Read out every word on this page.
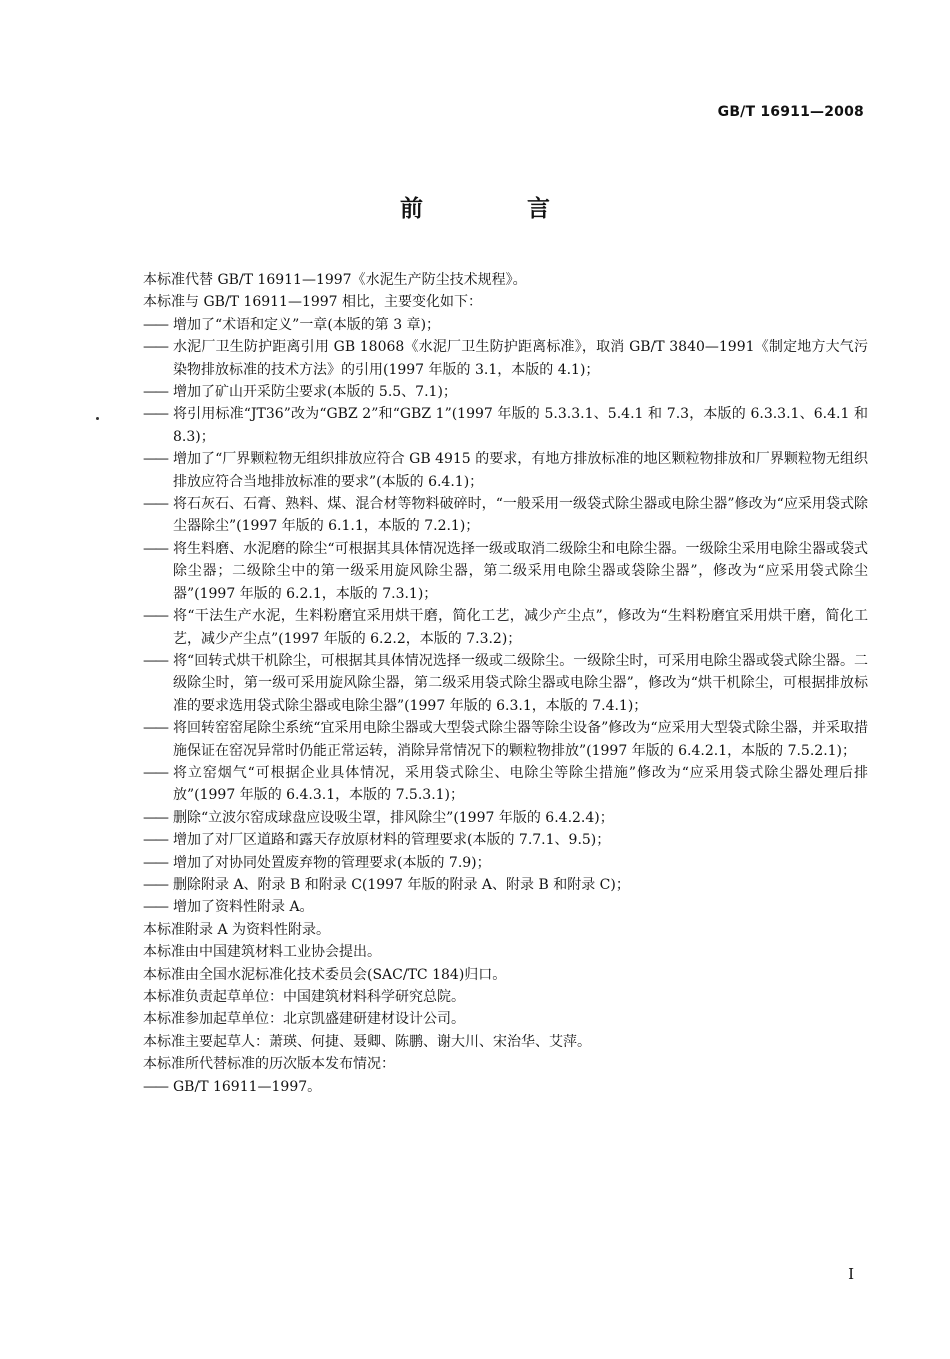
GB/T 16911—2008

前 言

本标准代替 GB/T 16911—1997《水泥生产防尘技术规程》。

本标准与 GB/T 16911—1997 相比，主要变化如下：

—— 增加了“术语和定义”一章(本版的第 3 章)；
—— 水泥厂卫生防护距离引用 GB 18068《水泥厂卫生防护距离标准》，取消 GB/T 3840—1991《制定地方大气污染物排放标准的技术方法》的引用(1997 年版的 3.1，本版的 4.1)；
—— 增加了矿山开采防尘要求(本版的 5.5、7.1)；
—— 将引用标准“JT36”改为“GBZ 2”和“GBZ 1”(1997 年版的 5.3.3.1、5.4.1 和 7.3，本版的 6.3.3.1、6.4.1 和 8.3)；
—— 增加了“厂界颗粒物无组织排放应符合 GB 4915 的要求，有地方排放标准的地区颗粒物排放和厂界颗粒物无组织排放应符合当地排放标准的要求”(本版的 6.4.1)；
—— 将石灰石、石膏、熟料、煤、混合材等物料破碎时，“一般采用一级袋式除尘器或电除尘器”修改为“应采用袋式除尘器除尘”(1997 年版的 6.1.1，本版的 7.2.1)；
—— 将生料磨、水泥磨的除尘“可根据其具体情况选择一级或取消二级除尘和电除尘器。一级除尘采用电除尘器或袋式除尘器；二级除尘中的第一级采用旋风除尘器，第二级采用电除尘器或袋除尘器”，修改为“应采用袋式除尘器”(1997 年版的 6.2.1，本版的 7.3.1)；
—— 将“干法生产水泥，生料粉磨宜采用烘干磨，简化工艺，减少产尘点”，修改为“生料粉磨宜采用烘干磨，简化工艺，减少产尘点”(1997 年版的 6.2.2，本版的 7.3.2)；
—— 将“回转式烘干机除尘，可根据其具体情况选择一级或二级除尘。一级除尘时，可采用电除尘器或袋式除尘器。二级除尘时，第一级可采用旋风除尘器，第二级采用袋式除尘器或电除尘器”，修改为“烘干机除尘，可根据排放标准的要求选用袋式除尘器或电除尘器”(1997 年版的 6.3.1，本版的 7.4.1)；
—— 将回转窑窑尾除尘系统“宜采用电除尘器或大型袋式除尘器等除尘设备”修改为“应采用大型袋式除尘器，并采取措施保证在窑况异常时仍能正常运转，消除异常情况下的颗粒物排放”(1997 年版的 6.4.2.1，本版的 7.5.2.1)；
—— 将立窑烟气“可根据企业具体情况，采用袋式除尘、电除尘等除尘措施”修改为“应采用袋式除尘器处理后排放”(1997 年版的 6.4.3.1，本版的 7.5.3.1)；
—— 删除“立波尔窑成球盘应设吸尘罩，排风除尘”(1997 年版的 6.4.2.4)；
—— 增加了对厂区道路和露天存放原材料的管理要求(本版的 7.7.1、9.5)；
—— 增加了对协同处置废弃物的管理要求(本版的 7.9)；
—— 删除附录 A、附录 B 和附录 C(1997 年版的附录 A、附录 B 和附录 C)；
—— 增加了资料性附录 A。

本标准附录 A 为资料性附录。

本标准由中国建筑材料工业协会提出。

本标准由全国水泥标准化技术委员会(SAC/TC 184)归口。

本标准负责起草单位：中国建筑材料科学研究总院。

本标准参加起草单位：北京凯盛建研建材设计公司。

本标准主要起草人：萧瑛、何捷、聂卿、陈鹏、谢大川、宋治华、艾萍。

本标准所代替标准的历次版本发布情况：

—— GB/T 16911—1997。

I
